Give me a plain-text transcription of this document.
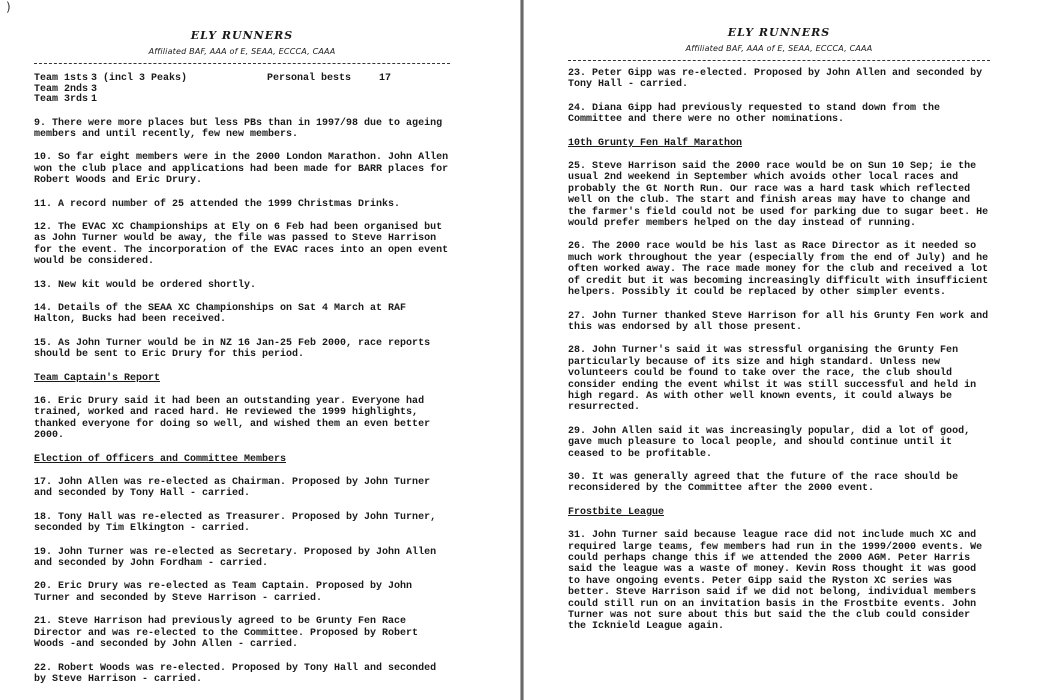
)
ELY RUNNERS
Affiliated BAF, AAA of E, SEAA, ECCCA, CAAA
Team 1sts 3 (incl 3 Peaks)	Personal bests	17
Team 2nds 3
Team 3rds 1

9. There were more places but less PBs than in 1997/98 due to ageing members and until recently, few new members.

10. So far eight members were in the 2000 London Marathon. John Allen won the club place and applications had been made for BARR places for Robert Woods and Eric Drury.

11. A record number of 25 attended the 1999 Christmas Drinks.

12. The EVAC XC Championships at Ely on 6 Feb had been organised but as John Turner would be away, the file was passed to Steve Harrison for the event. The incorporation of the EVAC races into an open event would be considered.

13. New kit would be ordered shortly.

14. Details of the SEAA XC Championships on Sat 4 March at RAF Halton, Bucks had been received.

15. As John Turner would be in NZ 16 Jan-25 Feb 2000, race reports should be sent to Eric Drury for this period.

Team Captain's Report

16. Eric Drury said it had been an outstanding year. Everyone had trained, worked and raced hard. He reviewed the 1999 highlights, thanked everyone for doing so well, and wished them an even better 2000.

Election of Officers and Committee Members

17. John Allen was re-elected as Chairman. Proposed by John Turner and seconded by Tony Hall - carried.

18. Tony Hall was re-elected as Treasurer. Proposed by John Turner, seconded by Tim Elkington - carried.

19. John Turner was re-elected as Secretary. Proposed by John Allen and seconded by John Fordham - carried.

20. Eric Drury was re-elected as Team Captain. Proposed by John Turner and seconded by Steve Harrison - carried.

21. Steve Harrison had previously agreed to be Grunty Fen Race Director and was re-elected to the Committee. Proposed by Robert Woods -and seconded by John Allen - carried.

22. Robert Woods was re-elected. Proposed by Tony Hall and seconded by Steve Harrison - carried.

ELY RUNNERS
Affiliated BAF, AAA of E, SEAA, ECCCA, CAAA

23. Peter Gipp was re-elected. Proposed by John Allen and seconded by Tony Hall - carried.

24. Diana Gipp had previously requested to stand down from the Committee and there were no other nominations.

10th Grunty Fen Half Marathon

25. Steve Harrison said the 2000 race would be on Sun 10 Sep; ie the usual 2nd weekend in September which avoids other local races and probably the Gt North Run. Our race was a hard task which reflected well on the club. The start and finish areas may have to change and the farmer's field could not be used for parking due to sugar beet. He would prefer members helped on the day instead of running.

26. The 2000 race would be his last as Race Director as it needed so much work throughout the year (especially from the end of July) and he often worked away. The race made money for the club and received a lot of credit but it was becoming increasingly difficult with insufficient helpers. Possibly it could be replaced by other simpler events.

27. John Turner thanked Steve Harrison for all his Grunty Fen work and this was endorsed by all those present.

28. John Turner's said it was stressful organising the Grunty Fen particularly because of its size and high standard. Unless new volunteers could be found to take over the race, the club should consider ending the event whilst it was still successful and held in high regard. As with other well known events, it could always be resurrected.

29. John Allen said it was increasingly popular, did a lot of good, gave much pleasure to local people, and should continue until it ceased to be profitable.

30. It was generally agreed that the future of the race should be reconsidered by the Committee after the 2000 event.

Frostbite League

31. John Turner said because league race did not include much XC and required large teams, few members had run in the 1999/2000 events. We could perhaps change this if we attended the 2000 AGM. Peter Harris said the league was a waste of money. Kevin Ross thought it was good to have ongoing events. Peter Gipp said the Ryston XC series was better. Steve Harrison said if we did not belong, individual members could still run on an invitation basis in the Frostbite events. John Turner was not sure about this but said the the club could consider the Icknield League again.
